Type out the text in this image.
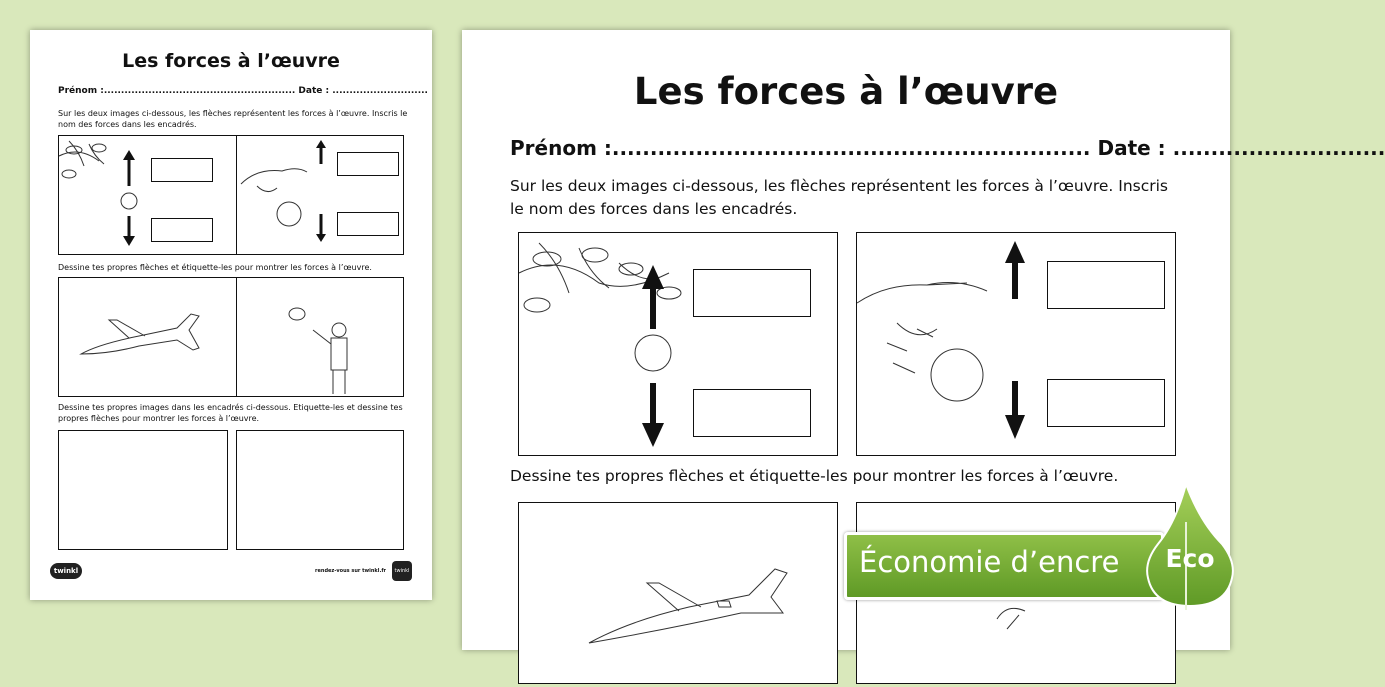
Les forces à l’œuvre
Prénom :........................................................ Date : ............................
Sur les deux images ci-dessous, les flèches représentent les forces à l’œuvre. Inscris le nom des forces dans les encadrés.
Dessine tes propres flèches et étiquette-les pour montrer les forces à l’œuvre.
Dessine tes propres images dans les encadrés ci-dessous. Etiquette-les et dessine tes propres flèches pour montrer les forces à l’œuvre.
twinkl	rendez-vous sur twinkl.fr	twinkl
Les forces à l’œuvre
Prénom :............................................................... Date : ............................
Sur les deux images ci-dessous, les flèches représentent les forces à l’œuvre. Inscris le nom des forces dans les encadrés.
Dessine tes propres flèches et étiquette-les pour montrer les forces à l’œuvre.
Économie d’encre Eco
